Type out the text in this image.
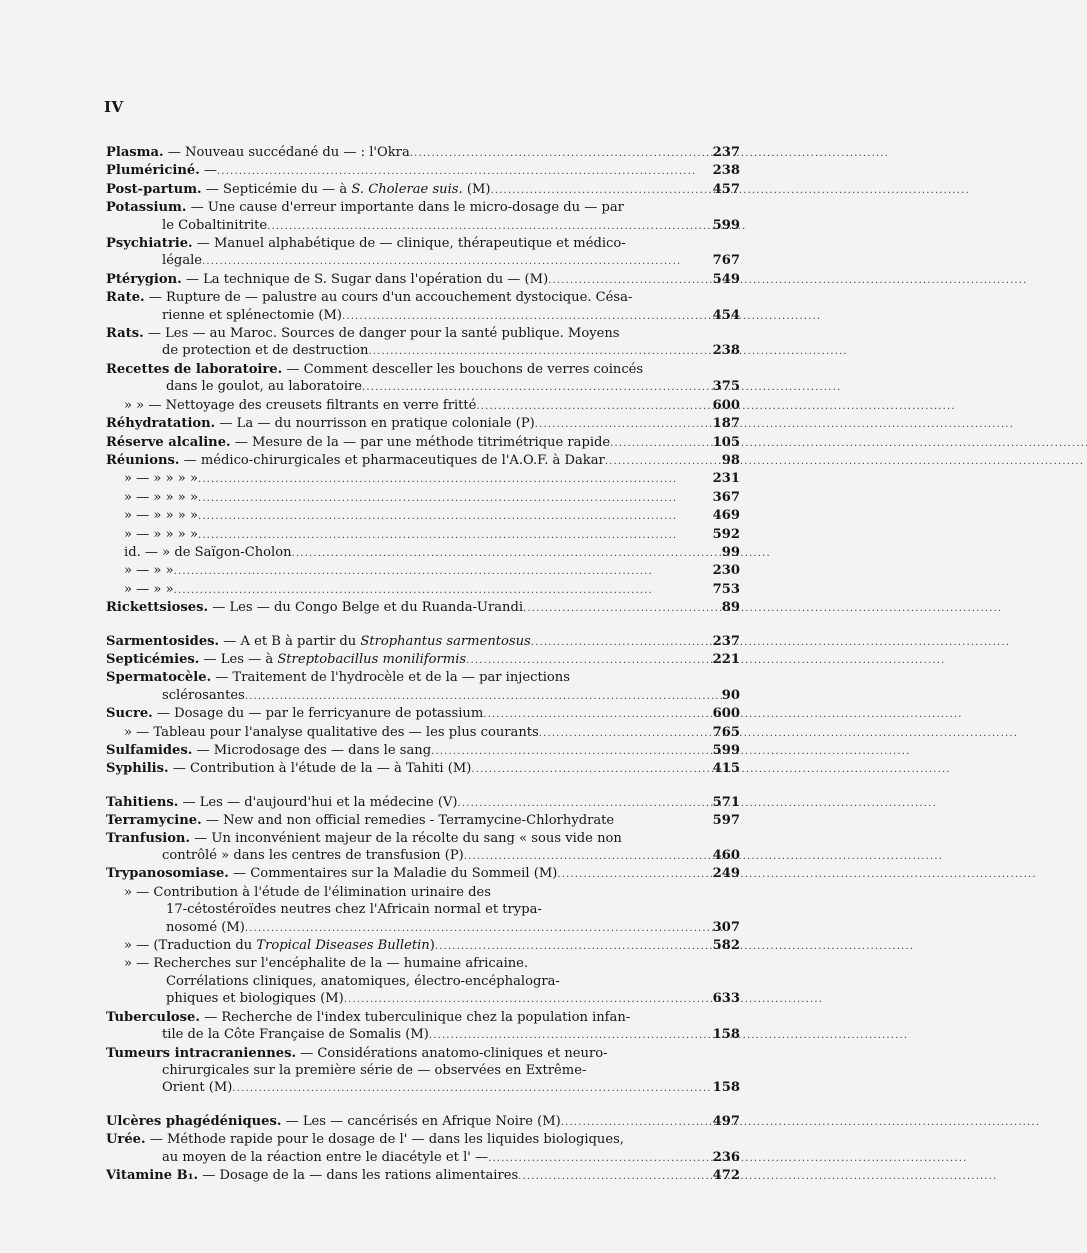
IV
Plasma. — Nouveau succédané du — : l'Okra . . .	237
Plumériciné. — . . .	238
Post-partum. — Septicémie du — à S. Cholerae suis. (M) . . .	457
Potassium. — Une cause d'erreur importante dans le micro-dosage du — par
le Cobaltinitrite . . .	599
Psychiatrie. — Manuel alphabétique de — clinique, thérapeutique et médico-
légale . . .	767
Ptérygion. — La technique de S. Sugar dans l'opération du — (M) . . .	549
Rate. — Rupture de — palustre au cours d'un accouchement dystocique. Césa-
rienne et splénectomie (M) . . .	454
Rats. — Les — au Maroc. Sources de danger pour la santé publique. Moyens
de protection et de destruction . . .	238
Recettes de laboratoire. — Comment desceller les bouchons de verres coincés
dans le goulot, au laboratoire . . .	375
» » — Nettoyage des creusets filtrants en verre fritté . . .	600
Réhydratation. — La — du nourrisson en pratique coloniale (P) . . .	187
Réserve alcaline. — Mesure de la — par une méthode titrimétrique rapide . . .	105
Réunions. — médico-chirurgicales et pharmaceutiques de l'A.O.F. à Dakar . . .	98
» — » » » » . . .	231
» — » » » » . . .	367
» — » » » » . . .	469
» — » » » » . . .	592
id. — » de Saïgon-Cholon . . .	99
» — » » . . .	230
» — » » . . .	753
Rickettsioses. — Les — du Congo Belge et du Ruanda-Urandi . . .	89
Sarmentosides. — A et B à partir du Strophantus sarmentosus . . .	237
Septicémies. — Les — à Streptobacillus moniliformis . . .	221
Spermatocèle. — Traitement de l'hydrocèle et de la — par injections
sclérosantes . . .	90
Sucre. — Dosage du — par le ferricyanure de potassium . . .	600
» — Tableau pour l'analyse qualitative des — les plus courants . . .	765
Sulfamides. — Microdosage des — dans le sang . . .	599
Syphilis. — Contribution à l'étude de la — à Tahiti (M) . . .	415
Tahitiens. — Les — d'aujourd'hui et la médecine (V) . . .	571
Terramycine. — New and non official remedies - Terramycine-Chlorhydrate	597
Tranfusion. — Un inconvénient majeur de la récolte du sang « sous vide non
contrôlé » dans les centres de transfusion (P) . . .	460
Trypanosomiase. — Commentaires sur la Maladie du Sommeil (M) . . .	249
» — Contribution à l'étude de l'élimination urinaire des
17-cétostéroïdes neutres chez l'Africain normal et trypa-
nosomé (M) . . .	307
» — (Traduction du Tropical Diseases Bulletin) . . .	582
» — Recherches sur l'encéphalite de la — humaine africaine.
Corrélations cliniques, anatomiques, électro-encéphalogra-
phiques et biologiques (M) . . .	633
Tuberculose. — Recherche de l'index tuberculinique chez la population infan-
tile de la Côte Française de Somalis (M) . . .	158
Tumeurs intracraniennes. — Considérations anatomo-cliniques et neuro-
chirurgicales sur la première série de — observées en Extrême-
Orient (M) . . .	158
Ulcères phagédéniques. — Les — cancérisés en Afrique Noire (M) . . .	497
Urée. — Méthode rapide pour le dosage de l' — dans les liquides biologiques,
au moyen de la réaction entre le diacétyle et l' — . . .	236
Vitamine B₁. — Dosage de la — dans les rations alimentaires . . .	472
